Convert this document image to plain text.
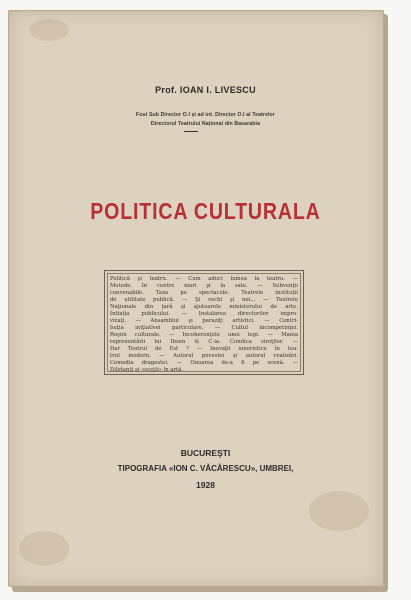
Prof. IOAN I. LIVESCU
Fost Sub Director O.I şi ad int. Director O.I al Teatrelor
Directorul Teatrului Naţional din Basarabia
POLITICA CULTURALA
Politică şi teatru. — Cum aduci lumea la teatru. —
Metode. In centre mari şi la sate. — Subvenţii
convenabile. Taxa pe spectacole. Teatrele instituţii
de utilitate publică. — Şi vechi şi noi... — Teatrele
Naţionale din ţară şi ajutoarele ministerului de arte.
Intiaţia publicului. — Instalarea directorilor impro-
vizaţi. — Ansamblul şi paraziţi artistici. — Contri-
buţia iniţiativei particulare. — Cultul incompetinţei.
Roşini culturale. — Incoherenţele unei legi. — Mania
reprezentării lui Ibsen & C-ia. Condica sireţilor. —
Dar Teatrul de Est ? — Inovaţii umoristice în tea-
trul modern. — Autorul povestei şi autorul realizări.
Comedia dragostei. — Onoarea de-a fi pe scenă. —
Diletanţi şi «sceţii» în artă.
BUCUREŞTI
TIPOGRAFIA «ION C. VĂCĂRESCU», UMBREI,
1928
